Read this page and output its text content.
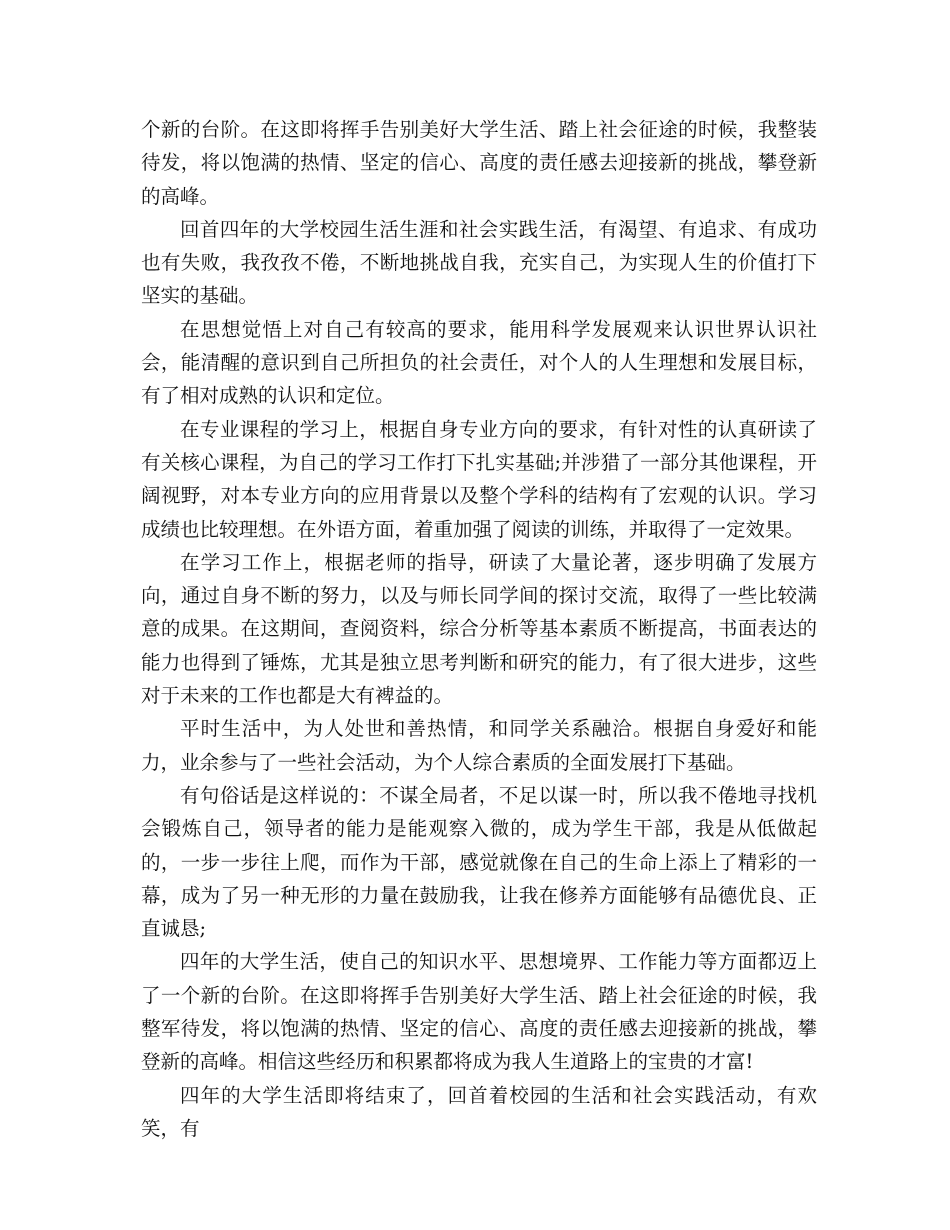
个新的台阶。在这即将挥手告别美好大学生活、踏上社会征途的时候，我整装待发，将以饱满的热情、坚定的信心、高度的责任感去迎接新的挑战，攀登新的高峰。

回首四年的大学校园生活生涯和社会实践生活，有渴望、有追求、有成功也有失败，我孜孜不倦，不断地挑战自我，充实自己，为实现人生的价值打下坚实的基础。

在思想觉悟上对自己有较高的要求，能用科学发展观来认识世界认识社会，能清醒的意识到自己所担负的社会责任，对个人的人生理想和发展目标，有了相对成熟的认识和定位。

在专业课程的学习上，根据自身专业方向的要求，有针对性的认真研读了有关核心课程，为自己的学习工作打下扎实基础;并涉猎了一部分其他课程，开阔视野，对本专业方向的应用背景以及整个学科的结构有了宏观的认识。学习成绩也比较理想。在外语方面，着重加强了阅读的训练，并取得了一定效果。

在学习工作上，根据老师的指导，研读了大量论著，逐步明确了发展方向，通过自身不断的努力，以及与师长同学间的探讨交流，取得了一些比较满意的成果。在这期间，查阅资料，综合分析等基本素质不断提高，书面表达的能力也得到了锤炼，尤其是独立思考判断和研究的能力，有了很大进步，这些对于未来的工作也都是大有裨益的。

平时生活中，为人处世和善热情，和同学关系融洽。根据自身爱好和能力，业余参与了一些社会活动，为个人综合素质的全面发展打下基础。

有句俗话是这样说的：不谋全局者，不足以谋一时，所以我不倦地寻找机会锻炼自己，领导者的能力是能观察入微的，成为学生干部，我是从低做起的，一步一步往上爬，而作为干部，感觉就像在自己的生命上添上了精彩的一幕，成为了另一种无形的力量在鼓励我，让我在修养方面能够有品德优良、正直诚恳;

四年的大学生活，使自己的知识水平、思想境界、工作能力等方面都迈上了一个新的台阶。在这即将挥手告别美好大学生活、踏上社会征途的时候，我整军待发，将以饱满的热情、坚定的信心、高度的责任感去迎接新的挑战，攀登新的高峰。相信这些经历和积累都将成为我人生道路上的宝贵的才富!

四年的大学生活即将结束了，回首着校园的生活和社会实践活动，有欢笑，有
